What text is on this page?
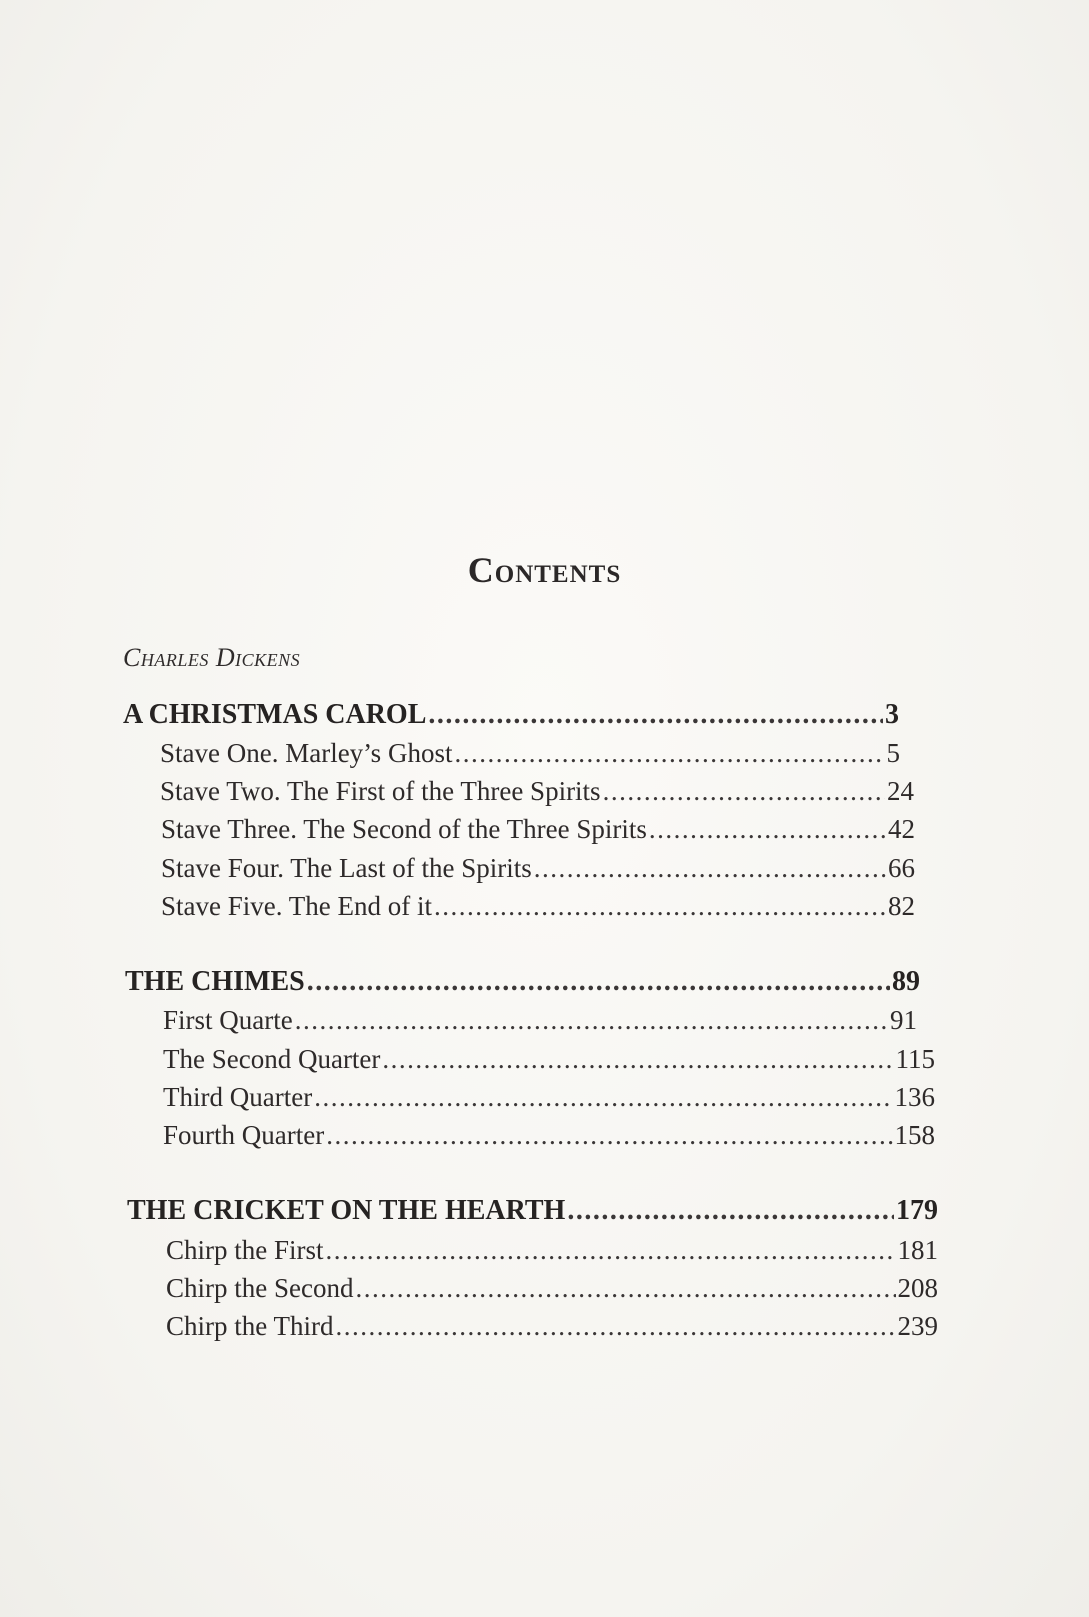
Contents
Charles Dickens
A CHRISTMAS CAROL .....	3
Stave One. Marley’s Ghost .....	5
Stave Two. The First of the Three Spirits .....	24
Stave Three. The Second of the Three Spirits .....	42
Stave Four. The Last of the Spirits .....	66
Stave Five. The End of it .....	82
THE CHIMES .....	89
First Quarte .....	91
The Second Quarter .....	115
Third Quarter .....	136
Fourth Quarter .....	158
THE CRICKET ON THE HEARTH .....	179
Chirp the First .....	181
Chirp the Second .....	208
Chirp the Third .....	239
